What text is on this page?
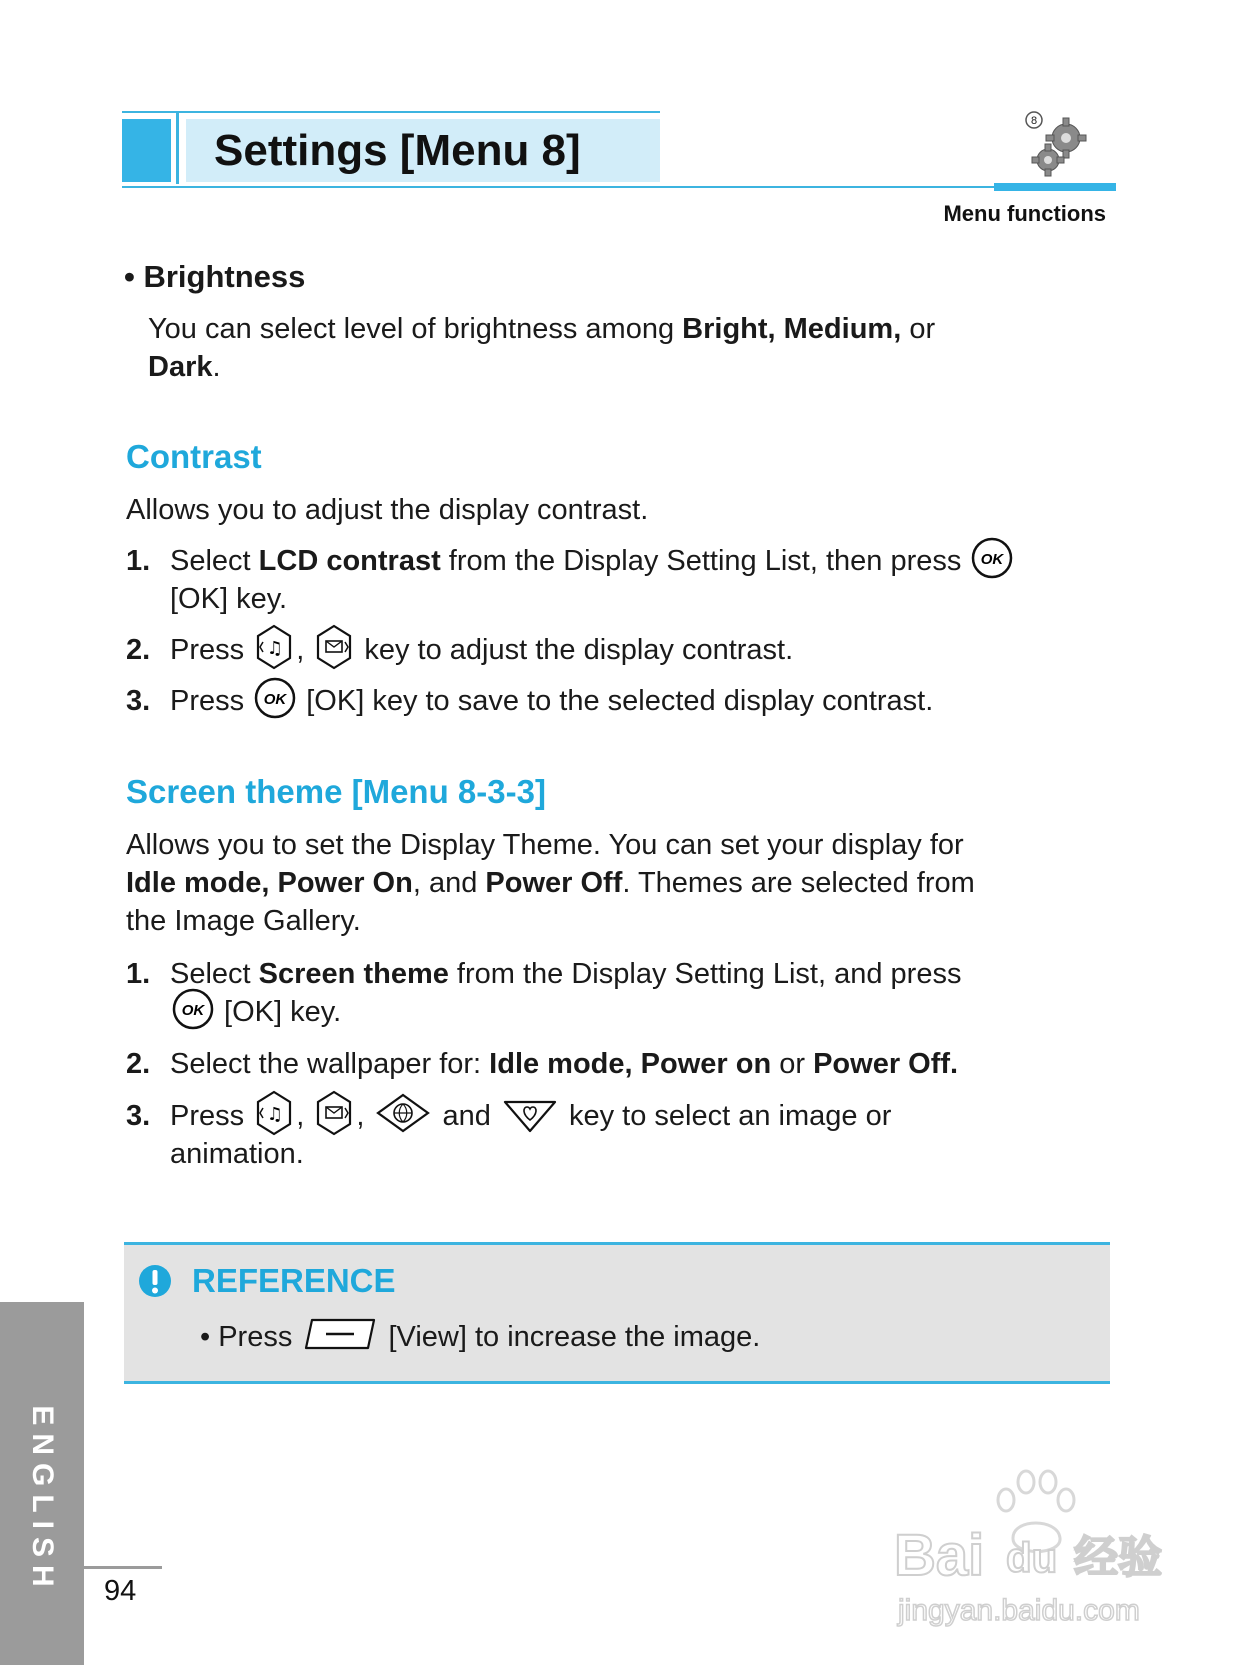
Settings [Menu 8]
8
Menu functions
• Brightness
You can select level of brightness among Bright, Medium, or
Dark.
Contrast
Allows you to adjust the display contrast.
1. Select LCD contrast from the Display Setting List, then press OK
[OK] key.
2. Press ♫ ,  key to adjust the display contrast.
3. Press OK [OK] key to save to the selected display contrast.
Screen theme [Menu 8-3-3]
Allows you to set the Display Theme. You can set your display for
Idle mode, Power On, and Power Off. Themes are selected from
the Image Gallery.
1. Select Screen theme from the Display Setting List, and press
OK [OK] key.
2. Select the wallpaper for: Idle mode, Power on or Power Off.
3. Press ♫ , ,  and  key to select an image or
animation.
REFERENCE
• Press	[View] to increase the image.
ENGLISH 94
Bai du 经验
jingyan.baidu.com
